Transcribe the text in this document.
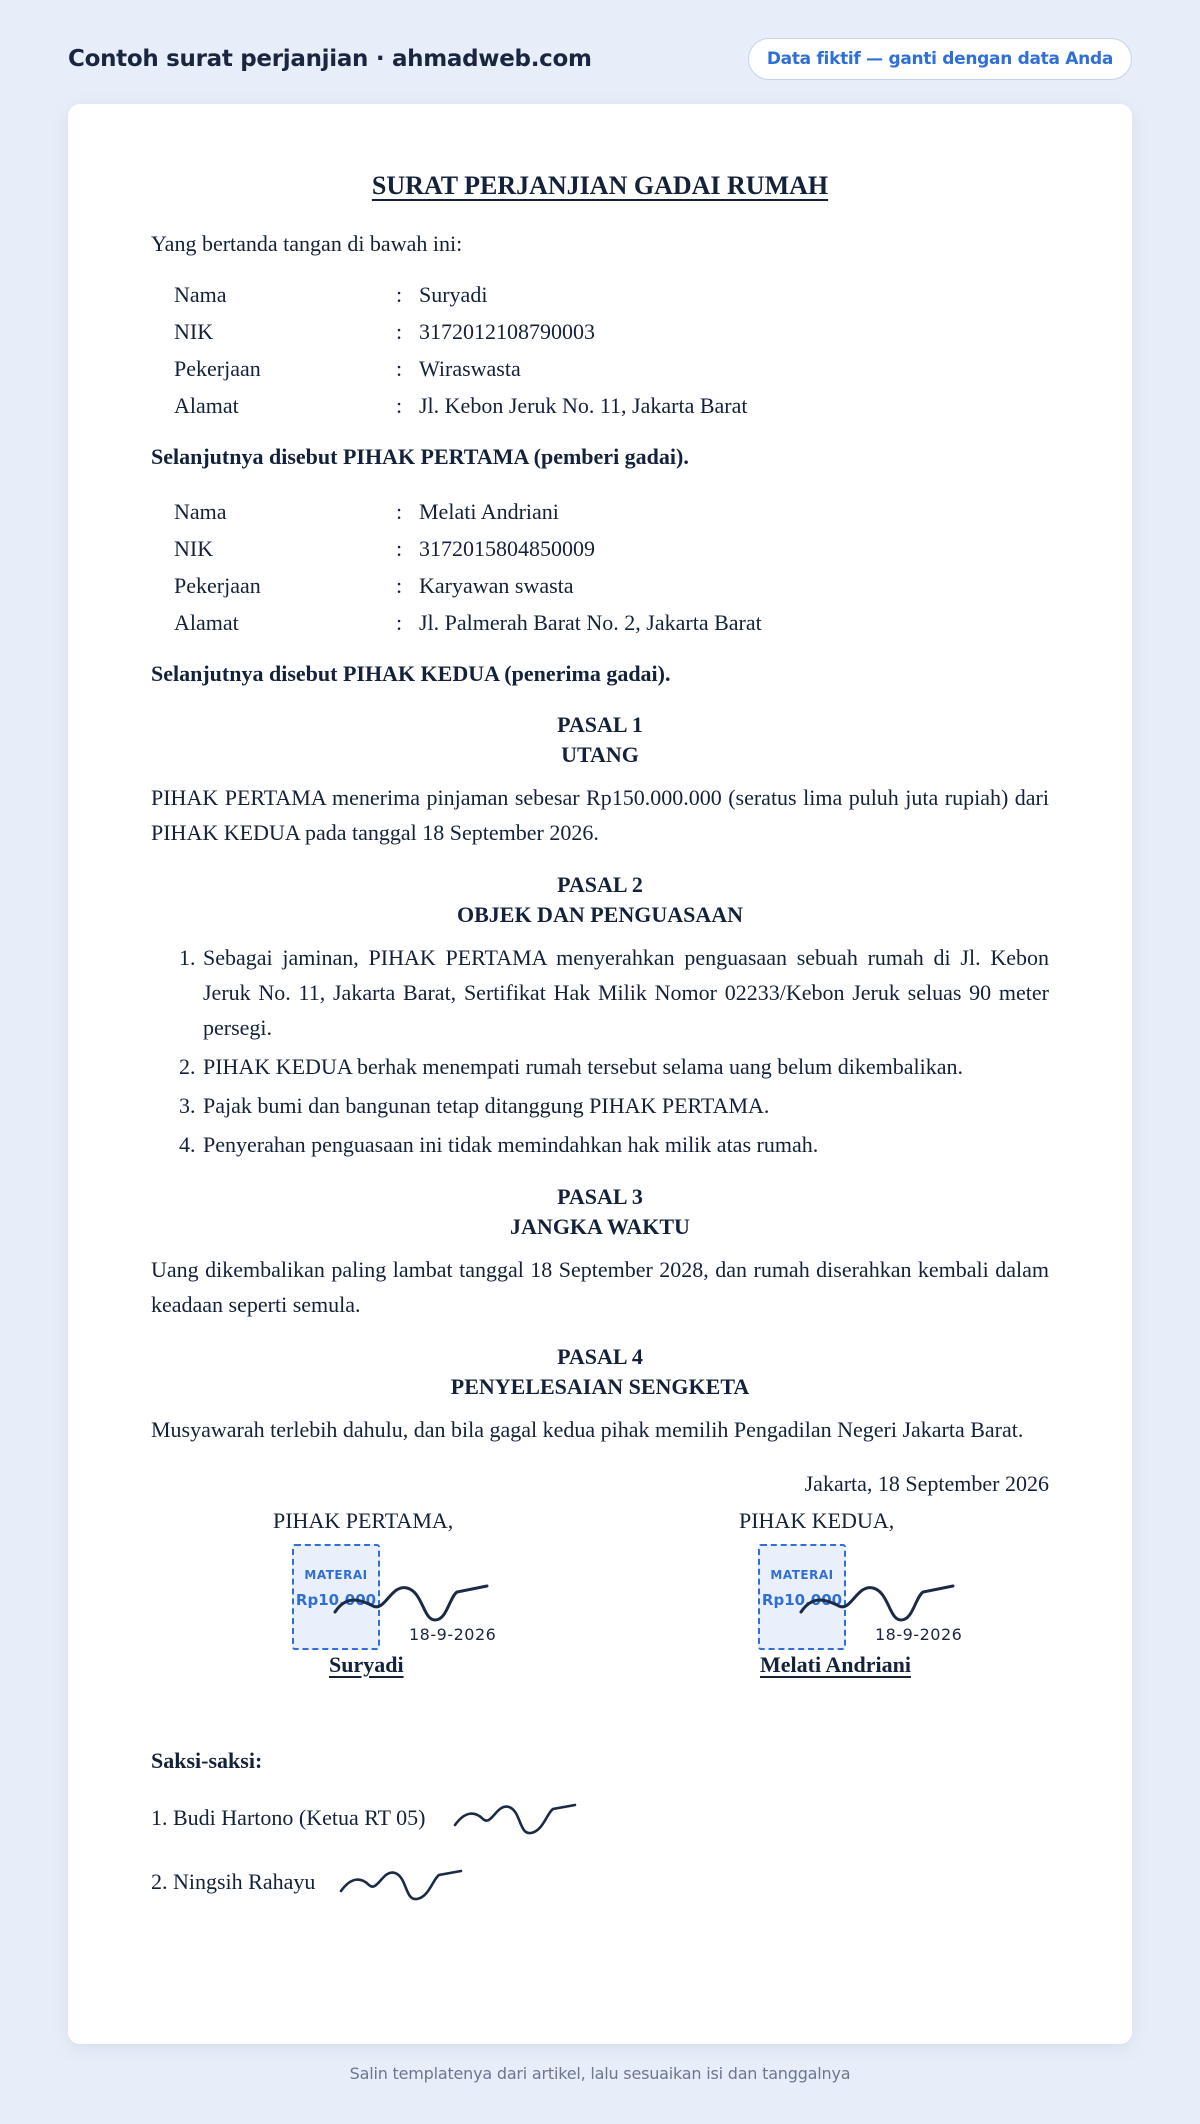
Contoh surat perjanjian · ahmadweb.com	Data fiktif — ganti dengan data Anda
SURAT PERJANJIAN GADAI RUMAH
Yang bertanda tangan di bawah ini:
Nama	:	Suryadi
NIK	:	3172012108790003
Pekerjaan	:	Wiraswasta
Alamat	:	Jl. Kebon Jeruk No. 11, Jakarta Barat
Selanjutnya disebut PIHAK PERTAMA (pemberi gadai).
Nama	:	Melati Andriani
NIK	:	3172015804850009
Pekerjaan	:	Karyawan swasta
Alamat	:	Jl. Palmerah Barat No. 2, Jakarta Barat
Selanjutnya disebut PIHAK KEDUA (penerima gadai).
PASAL 1
UTANG
PIHAK PERTAMA menerima pinjaman sebesar Rp150.000.000 (seratus lima puluh juta rupiah) dari PIHAK KEDUA pada tanggal 18 September 2026.
PASAL 2
OBJEK DAN PENGUASAAN
1. Sebagai jaminan, PIHAK PERTAMA menyerahkan penguasaan sebuah rumah di Jl. Kebon Jeruk No. 11, Jakarta Barat, Sertifikat Hak Milik Nomor 02233/Kebon Jeruk seluas 90 meter persegi.
2. PIHAK KEDUA berhak menempati rumah tersebut selama uang belum dikembalikan.
3. Pajak bumi dan bangunan tetap ditanggung PIHAK PERTAMA.
4. Penyerahan penguasaan ini tidak memindahkan hak milik atas rumah.
PASAL 3
JANGKA WAKTU
Uang dikembalikan paling lambat tanggal 18 September 2028, dan rumah diserahkan kembali dalam keadaan seperti semula.
PASAL 4
PENYELESAIAN SENGKETA
Musyawarah terlebih dahulu, dan bila gagal kedua pihak memilih Pengadilan Negeri Jakarta Barat.
Jakarta, 18 September 2026
PIHAK PERTAMA,
MATERAI
Rp10.000
18-9-2026
Suryadi
PIHAK KEDUA,
MATERAI
Rp10.000
18-9-2026
Melati Andriani
Saksi-saksi:
1. Budi Hartono (Ketua RT 05)
2. Ningsih Rahayu
Salin templatenya dari artikel, lalu sesuaikan isi dan tanggalnya
